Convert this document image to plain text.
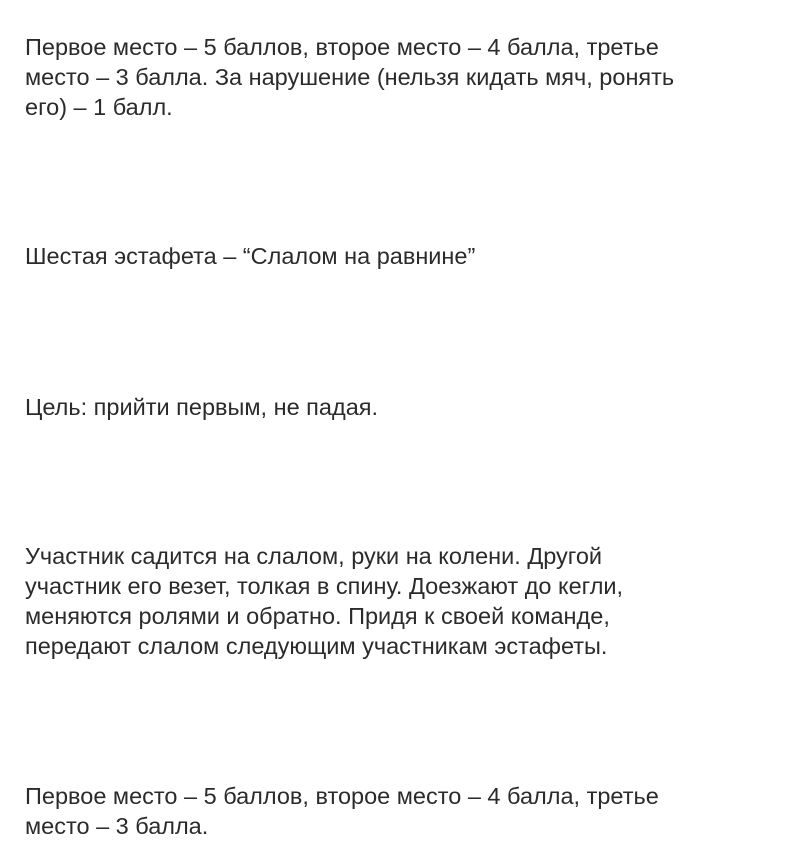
Первое место – 5 баллов, второе место – 4 балла, третье
место – 3 балла. За нарушение (нельзя кидать мяч, ронять
его) – 1 балл.

Шестая эстафета – “Слалом на равнине”

Цель: прийти первым, не падая.

Участник садится на слалом, руки на колени. Другой
участник его везет, толкая в спину. Доезжают до кегли,
меняются ролями и обратно. Придя к своей команде,
передают слалом следующим участникам эстафеты.

Первое место – 5 баллов, второе место – 4 балла, третье
место – 3 балла.
